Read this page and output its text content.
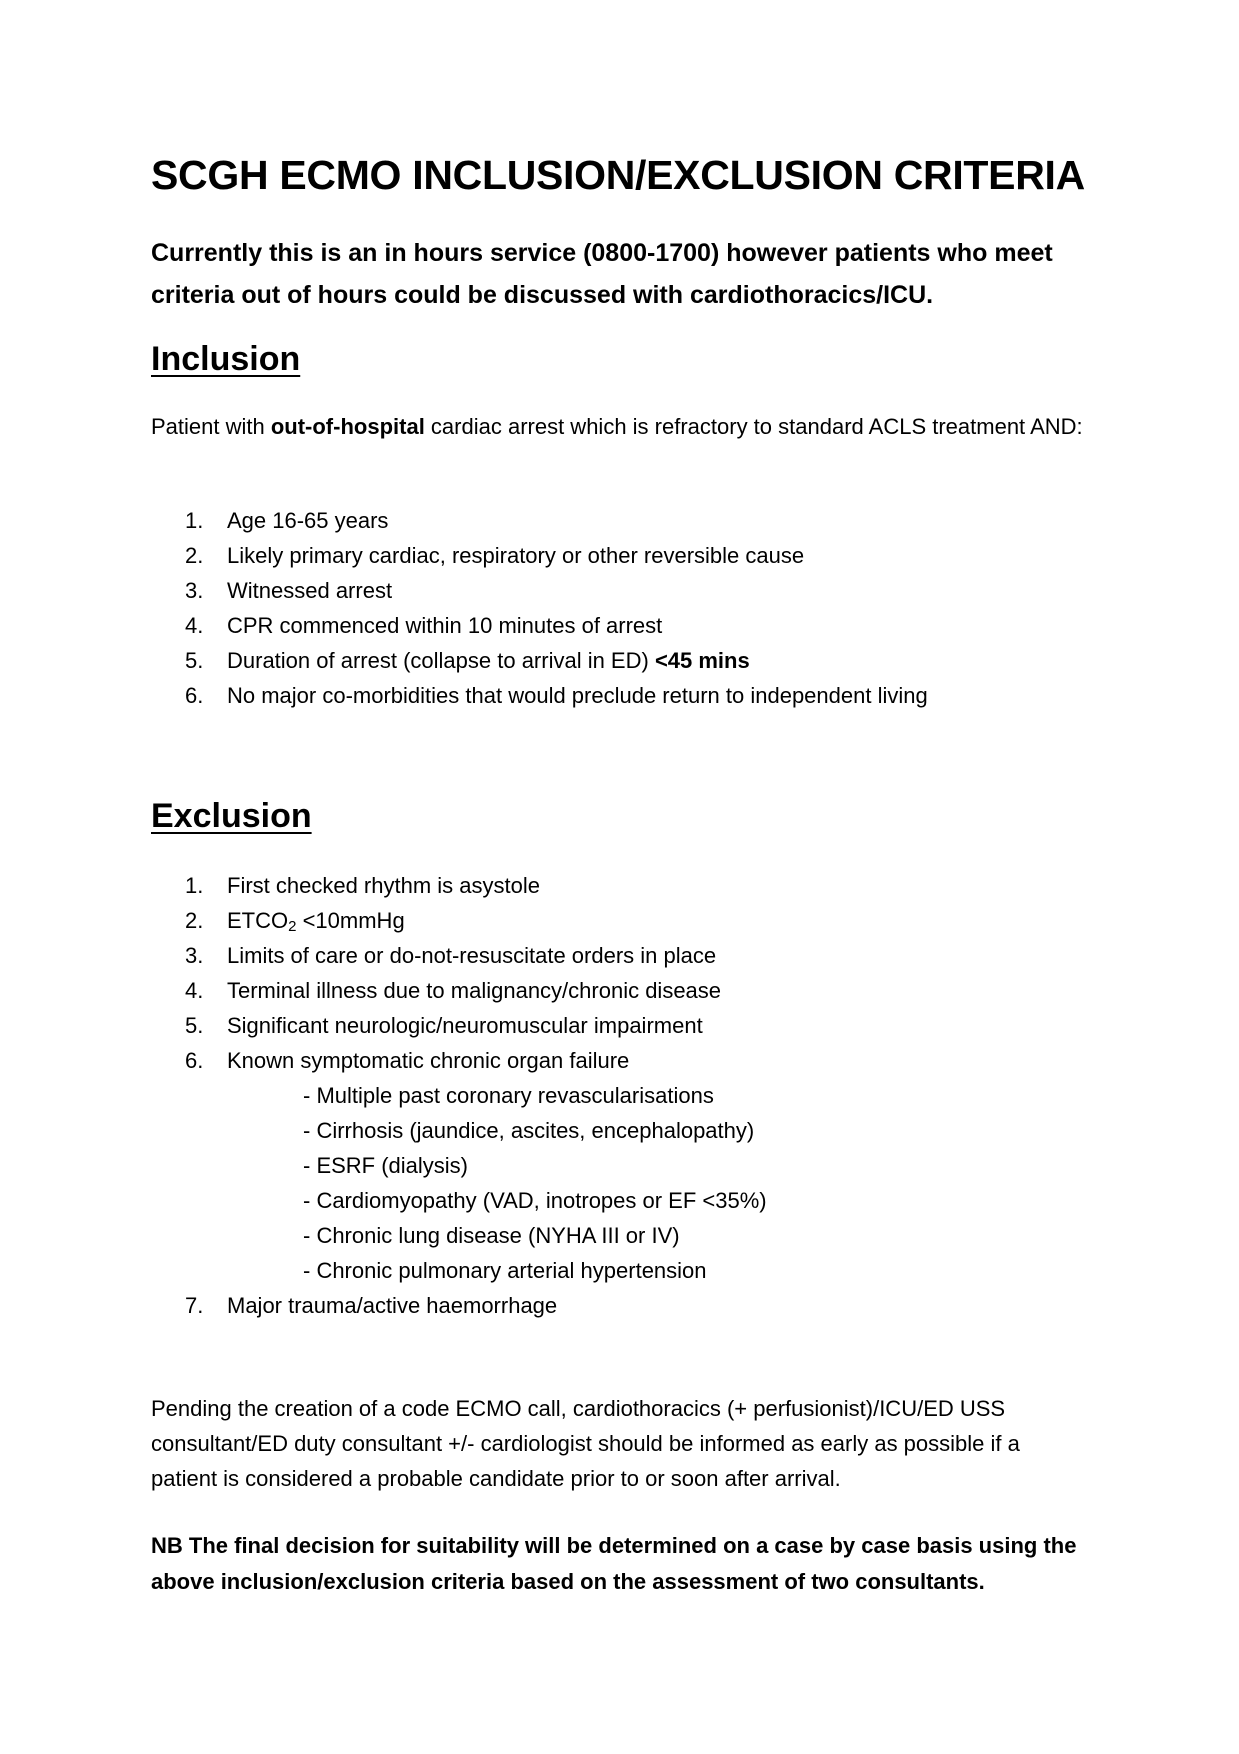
SCGH ECMO INCLUSION/EXCLUSION CRITERIA

Currently this is an in hours service (0800-1700) however patients who meet criteria out of hours could be discussed with cardiothoracics/ICU.

Inclusion

Patient with out-of-hospital cardiac arrest which is refractory to standard ACLS treatment AND:

1.	Age 16-65 years
2.	Likely primary cardiac, respiratory or other reversible cause
3.	Witnessed arrest
4.	CPR commenced within 10 minutes of arrest
5.	Duration of arrest (collapse to arrival in ED) <45 mins
6.	No major co-morbidities that would preclude return to independent living
Exclusion
1.	First checked rhythm is asystole
2.	$ETCO_2$ <10mmHg
3.	Limits of care or do-not-resuscitate orders in place
4.	Terminal illness due to malignancy/chronic disease
5.	Significant neurologic/neuromuscular impairment
6.	Known symptomatic chronic organ failure
- Multiple past coronary revascularisations
- Cirrhosis (jaundice, ascites, encephalopathy)
- ESRF (dialysis)
- Cardiomyopathy (VAD, inotropes or EF <35%)
- Chronic lung disease (NYHA III or IV)
- Chronic pulmonary arterial hypertension
7.	Major trauma/active haemorrhage

Pending the creation of a code ECMO call, cardiothoracics (+ perfusionist)/ICU/ED USS consultant/ED duty consultant +/- cardiologist should be informed as early as possible if a patient is considered a probable candidate prior to or soon after arrival.

NB The final decision for suitability will be determined on a case by case basis using the above inclusion/exclusion criteria based on the assessment of two consultants.
